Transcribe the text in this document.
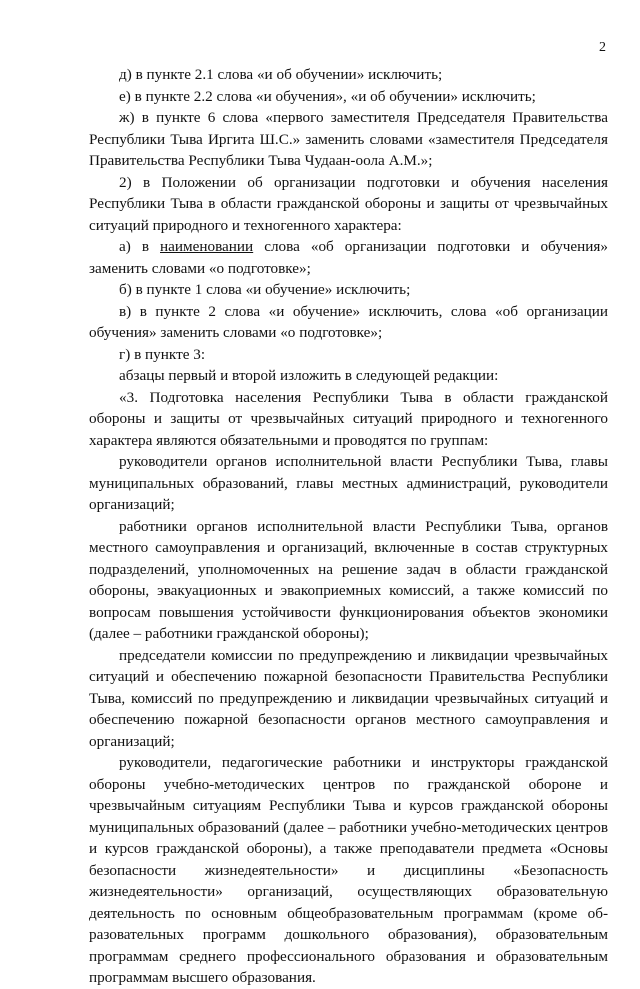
2

д) в пункте 2.1 слова «и об обучении» исключить;

е) в пункте 2.2 слова «и обучения», «и об обучении» исключить;

ж) в пункте 6 слова «первого заместителя Председателя Правительства Республики Тыва Иргита Ш.С.» заменить словами «заместителя Председателя Правительства Республики Тыва Чудаан-оола А.М.»;

2) в Положении об организации подготовки и обучения населения Республики Тыва в области гражданской обороны и защиты от чрезвычайных ситуаций природного и техногенного характера:

а) в наименовании слова «об организации подготовки и обучения» заменить словами «о подготовке»;

б) в пункте 1 слова «и обучение» исключить;

в) в пункте 2 слова «и обучение» исключить, слова «об организации обучения» заменить словами «о подготовке»;

г) в пункте 3:

абзацы первый и второй изложить в следующей редакции:

«3. Подготовка населения Республики Тыва в области гражданской обороны и защиты от чрезвычайных ситуаций природного и техногенного характера являются обязательными и проводятся по группам:

руководители органов исполнительной власти Республики Тыва, главы муниципальных образований, главы местных администраций, руководители организаций;

работники органов исполнительной власти Республики Тыва, органов местного самоуправления и организаций, включенные в состав структурных подразделений, уполномоченных на решение задач в области гражданской обороны, эвакуационных и эвакоприемных комиссий, а также комиссий по вопросам повышения устойчивости функционирования объектов экономики (далее – работники гражданской обороны);

председатели комиссии по предупреждению и ликвидации чрезвычайных ситуаций и обеспечению пожарной безопасности Правительства Республики Тыва, комиссий по предупреждению и ликвидации чрезвычайных ситуаций и обеспечению пожарной безопасности органов местного самоуправления и организаций;

руководители, педагогические работники и инструкторы гражданской обороны учебно-методических центров по гражданской обороне и чрезвычайным ситуациям Республики Тыва и курсов гражданской обороны муниципальных образований (далее – работники учебно-методических центров и курсов гражданской обороны), а также преподаватели предмета «Основы безопасности жизнедеятельности» и дисциплины «Безопасность жизнедеятельности» организаций, осуществляющих образовательную деятельность по основным общеобразовательным программам (кроме образовательных программ дошкольного образования), образовательным программам среднего профессионального образования и образовательным программам высшего образования.
